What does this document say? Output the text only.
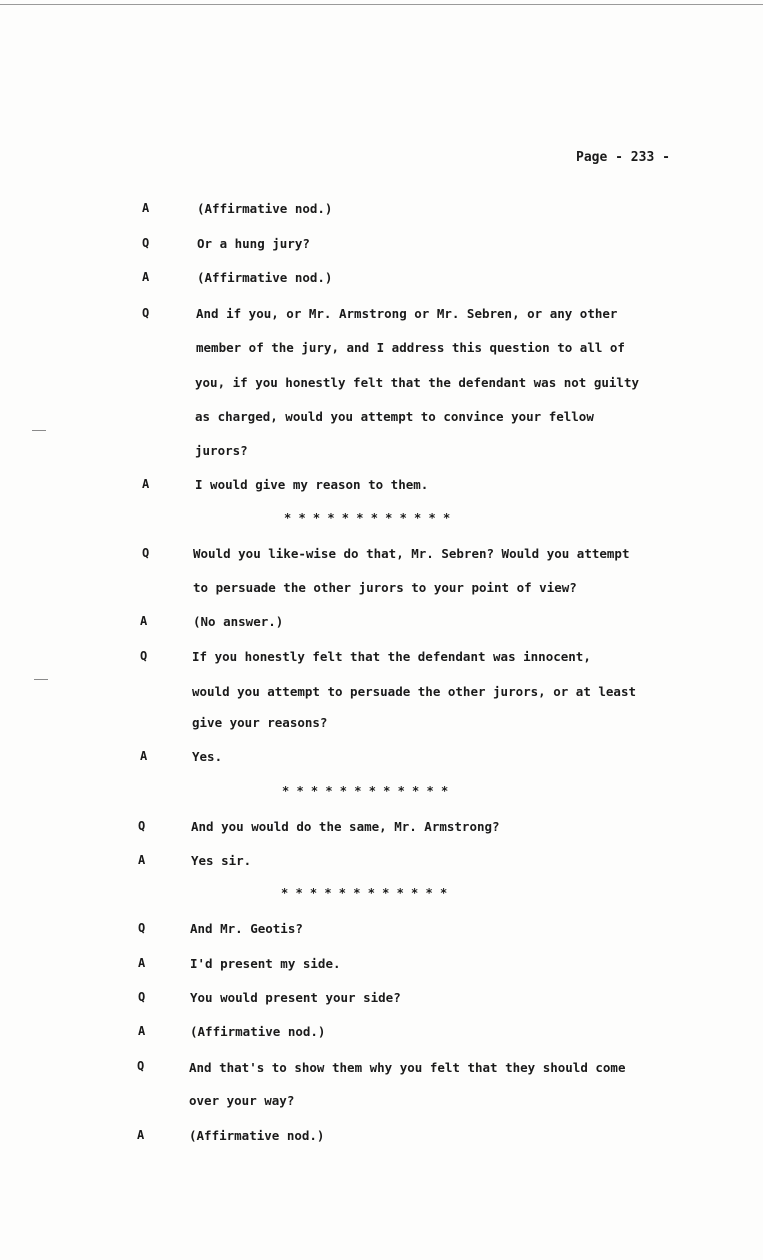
Page - 233 -
A	(Affirmative nod.)
Q	Or a hung jury?
A	(Affirmative nod.)
Q	And if you, or Mr. Armstrong or Mr. Sebren, or any other
member of the jury, and I address this question to all of
you, if you honestly felt that the defendant was not guilty
as charged, would you attempt to convince your fellow
jurors?
A	I would give my reason to them.
* * * * * * * * * * * *
Q	Would you like-wise do that, Mr. Sebren? Would you attempt
to persuade the other jurors to your point of view?
A	(No answer.)
Q	If you honestly felt that the defendant was innocent,
would you attempt to persuade the other jurors, or at least
give your reasons?
A	Yes.
* * * * * * * * * * * *
Q	And you would do the same, Mr. Armstrong?
A	Yes sir.
* * * * * * * * * * * *
Q	And Mr. Geotis?
A	I'd present my side.
Q	You would present your side?
A	(Affirmative nod.)
Q	And that's to show them why you felt that they should come
over your way?
A	(Affirmative nod.)
